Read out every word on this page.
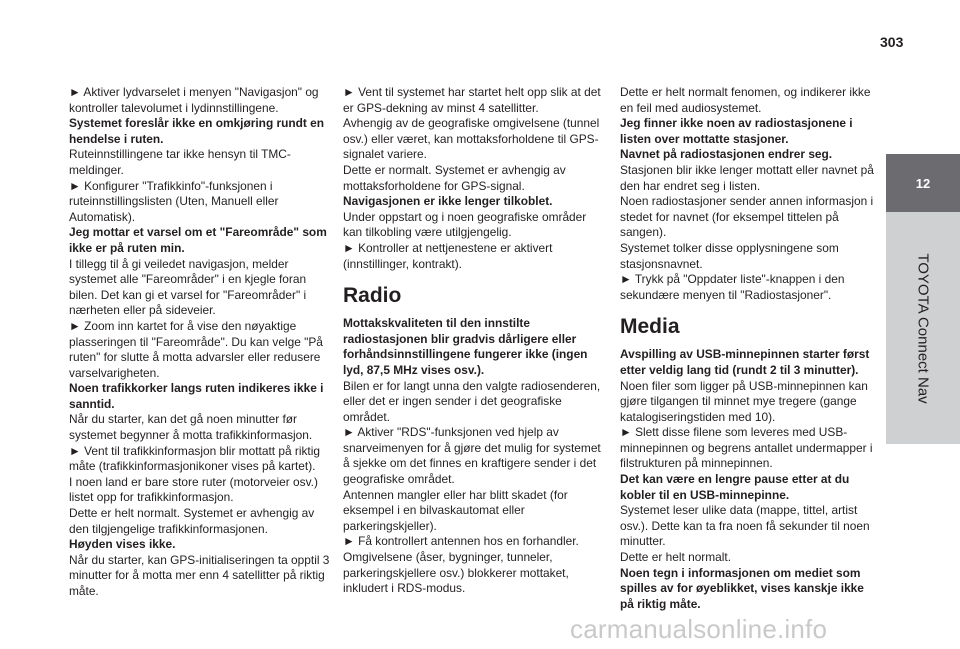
303
12
TOYOTA Connect Nav

► Aktiver lydvarselet i menyen "Navigasjon" og kontroller talevolumet i lydinnstillingene.

Systemet foreslår ikke en omkjøring rundt en hendelse i ruten.

Ruteinnstillingene tar ikke hensyn til TMC-meldinger.

► Konfigurer "Trafikkinfo"-funksjonen i ruteinnstillingslisten (Uten, Manuell eller Automatisk).

Jeg mottar et varsel om et "Fareområde" som ikke er på ruten min.

I tillegg til å gi veiledet navigasjon, melder systemet alle "Fareområder" i en kjegle foran bilen. Det kan gi et varsel for "Fareområder" i nærheten eller på sideveier.

► Zoom inn kartet for å vise den nøyaktige plasseringen til "Fareområde". Du kan velge "På ruten" for slutte å motta advarsler eller redusere varselvarigheten.

Noen trafikkorker langs ruten indikeres ikke i sanntid.

Når du starter, kan det gå noen minutter før systemet begynner å motta trafikkinformasjon.

► Vent til trafikkinformasjon blir mottatt på riktig måte (trafikkinformasjonikoner vises på kartet).

I noen land er bare store ruter (motorveier osv.) listet opp for trafikkinformasjon.

Dette er helt normalt. Systemet er avhengig av den tilgjengelige trafikkinformasjonen.

Høyden vises ikke.

Når du starter, kan GPS-initialiseringen ta opptil 3 minutter for å motta mer enn 4 satellitter på riktig måte.

► Vent til systemet har startet helt opp slik at det er GPS-dekning av minst 4 satellitter.

Avhengig av de geografiske omgivelsene (tunnel osv.) eller været, kan mottaksforholdene til GPS-signalet variere.

Dette er normalt. Systemet er avhengig av mottaksforholdene for GPS-signal.

Navigasjonen er ikke lenger tilkoblet.

Under oppstart og i noen geografiske områder kan tilkobling være utilgjengelig.

► Kontroller at nettjenestene er aktivert (innstillinger, kontrakt).

Radio

Mottakskvaliteten til den innstilte radiostasjonen blir gradvis dårligere eller forhåndsinnstillingene fungerer ikke (ingen lyd, 87,5 MHz vises osv.).

Bilen er for langt unna den valgte radiosenderen, eller det er ingen sender i det geografiske området.

► Aktiver "RDS"-funksjonen ved hjelp av snarveimenyen for å gjøre det mulig for systemet å sjekke om det finnes en kraftigere sender i det geografiske området.

Antennen mangler eller har blitt skadet (for eksempel i en bilvaskautomat eller parkeringskjeller).

► Få kontrollert antennen hos en forhandler.

Omgivelsene (åser, bygninger, tunneler, parkeringskjellere osv.) blokkerer mottaket, inkludert i RDS-modus.

Dette er helt normalt fenomen, og indikerer ikke en feil med audiosystemet.

Jeg finner ikke noen av radiostasjonene i listen over mottatte stasjoner.

Navnet på radiostasjonen endrer seg.

Stasjonen blir ikke lenger mottatt eller navnet på den har endret seg i listen.

Noen radiostasjoner sender annen informasjon i stedet for navnet (for eksempel tittelen på sangen).

Systemet tolker disse opplysningene som stasjonsnavnet.

► Trykk på "Oppdater liste"-knappen i den sekundære menyen til "Radiostasjoner".

Media

Avspilling av USB-minnepinnen starter først etter veldig lang tid (rundt 2 til 3 minutter).

Noen filer som ligger på USB-minnepinnen kan gjøre tilgangen til minnet mye tregere (gange katalogiseringstiden med 10).

► Slett disse filene som leveres med USB-minnepinnen og begrens antallet undermapper i filstrukturen på minnepinnen.

Det kan være en lengre pause etter at du kobler til en USB-minnepinne.

Systemet leser ulike data (mappe, tittel, artist osv.). Dette kan ta fra noen få sekunder til noen minutter.

Dette er helt normalt.

Noen tegn i informasjonen om mediet som spilles av for øyeblikket, vises kanskje ikke på riktig måte.

carmanualsonline.info
